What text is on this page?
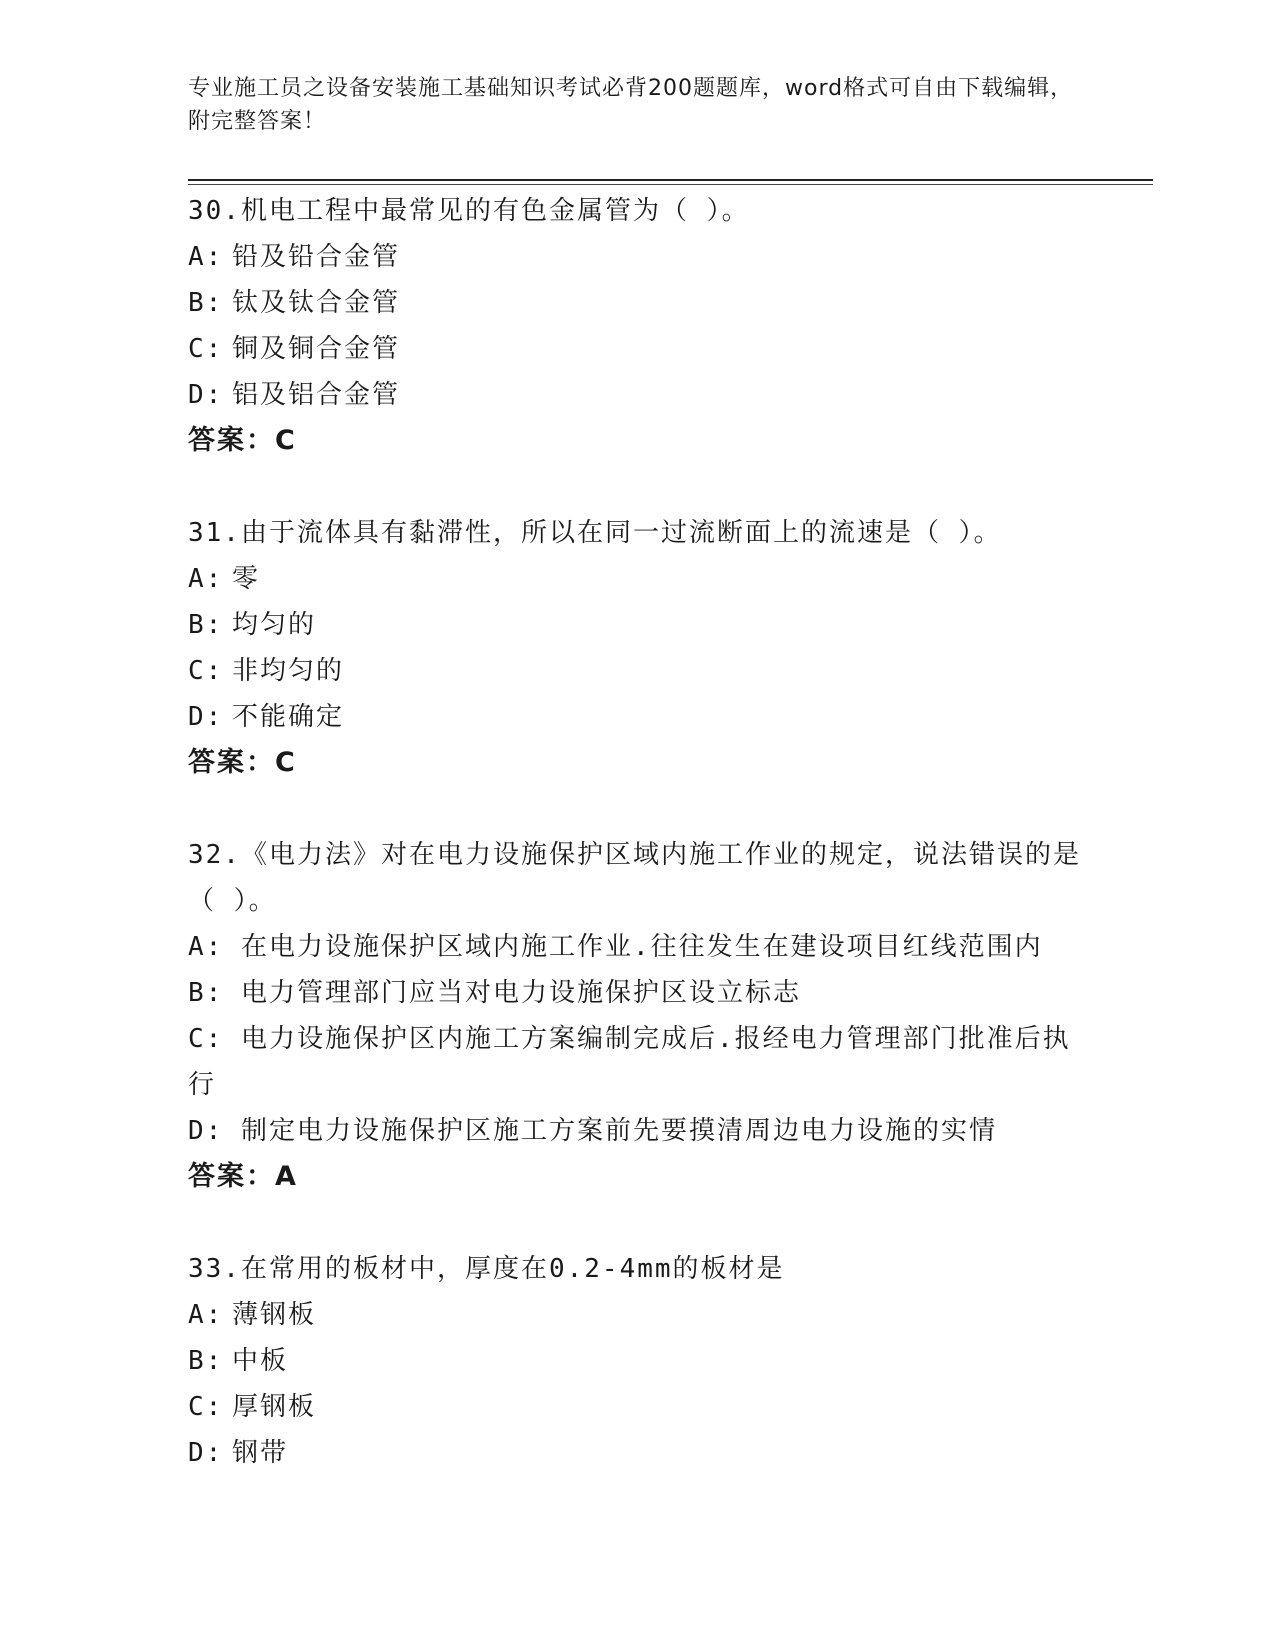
专业施工员之设备安装施工基础知识考试必背200题题库，word格式可自由下载编辑，附完整答案！
30.机电工程中最常见的有色金属管为（ ）。
A: 铅及铅合金管
B: 钛及钛合金管
C: 铜及铜合金管
D: 铝及铝合金管
答案：C
31.由于流体具有黏滞性，所以在同一过流断面上的流速是（ ）。
A: 零
B: 均匀的
C: 非均匀的
D: 不能确定
答案：C
32.《电力法》对在电力设施保护区域内施工作业的规定，说法错误的是（ ）。
A: 在电力设施保护区域内施工作业.往往发生在建设项目红线范围内
B: 电力管理部门应当对电力设施保护区设立标志
C: 电力设施保护区内施工方案编制完成后.报经电力管理部门批准后执行
D: 制定电力设施保护区施工方案前先要摸清周边电力设施的实情
答案：A
33.在常用的板材中，厚度在0.2-4mm的板材是
A: 薄钢板
B: 中板
C: 厚钢板
D: 钢带
